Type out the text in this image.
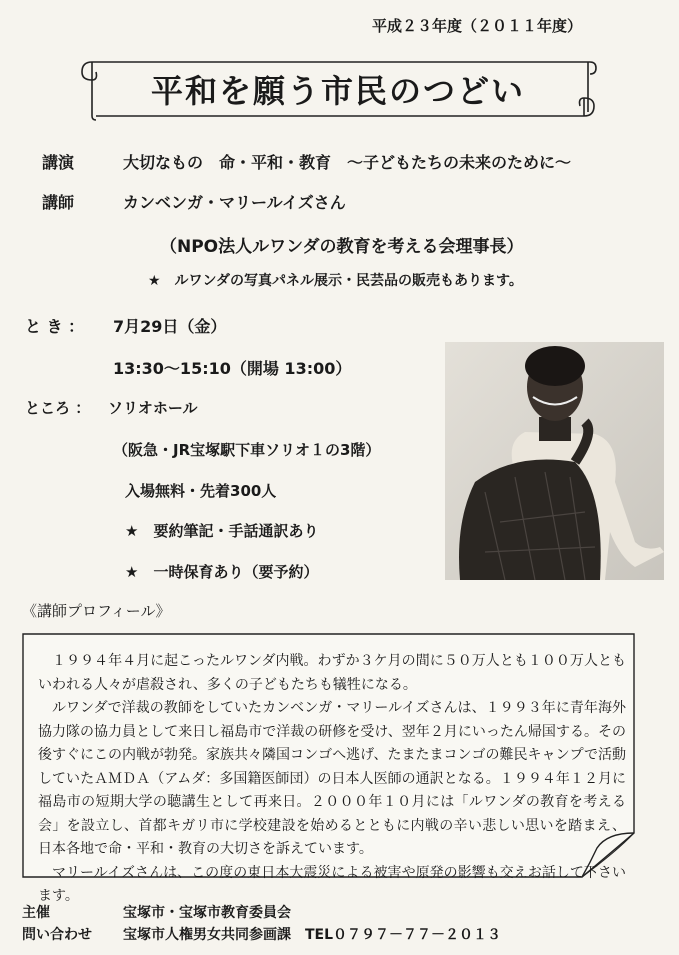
平成２３年度（２０１１年度）
平和を願う市民のつどい
講演	大切なもの　命・平和・教育　～子どもたちの未来のために～
講師	カンベンガ・マリールイズさん
（NPO法人ルワンダの教育を考える会理事長）
★　ルワンダの写真パネル展示・民芸品の販売もあります。
と き ： 7月29日（金）
13:30～15:10（開場 13:00）
ところ ： ソリオホール
（阪急・JR宝塚駅下車ソリオ１の3階）
入場無料・先着300人
★　要約筆記・手話通訳あり
★　一時保育あり（要予約）
《講師プロフィール》

１９９４年４月に起こったルワンダ内戦。わずか３ケ月の間に５０万人とも１００万人ともいわれる人々が虐殺され、多くの子どもたちも犠牲になる。

ルワンダで洋裁の教師をしていたカンベンガ・マリールイズさんは、１９９３年に青年海外協力隊の協力員として来日し福島市で洋裁の研修を受け、翌年２月にいったん帰国する。その後すぐにこの内戦が勃発。家族共々隣国コンゴへ逃げ、たまたまコンゴの難民キャンプで活動していたＡＭＤＡ（アムダ：多国籍医師団）の日本人医師の通訳となる。１９９４年１２月に福島市の短期大学の聴講生として再来日。２０００年１０月には「ルワンダの教育を考える会」を設立し、首都キガリ市に学校建設を始めるとともに内戦の辛い悲しい思いを踏まえ、日本各地で命・平和・教育の大切さを訴えています。

マリールイズさんは、この度の東日本大震災による被害や原発の影響も交えお話して下さいます。

主催	宝塚市・宝塚市教育委員会
問い合わせ 宝塚市人権男女共同参画課　TEL０７９７－７７－２０１３
